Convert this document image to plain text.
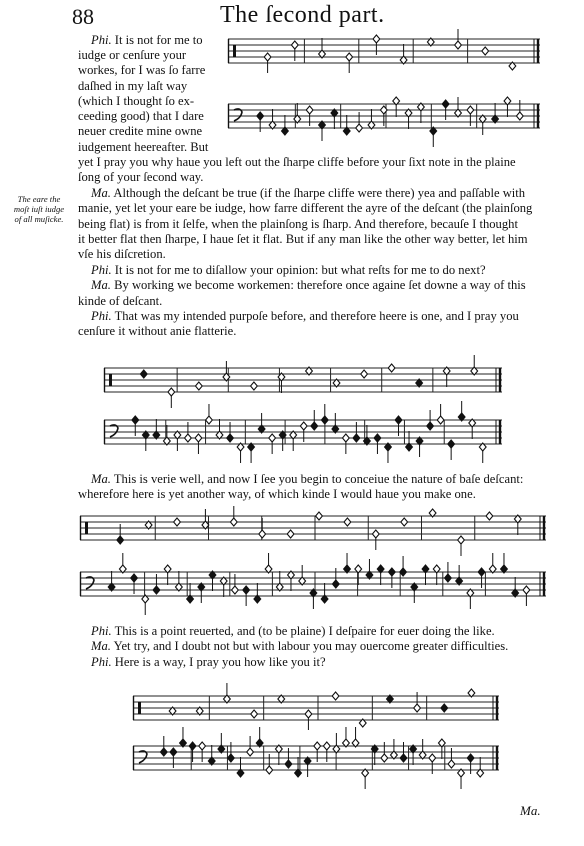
88	The ſecond part.
The eare the
moſt iuſt iudge
of all muſicke.
Phi. It is not for me to
iudge or cenſure your
workes, for I was ſo farre
daſhed in my laſt way
(which I thought ſo ex-
ceeding good) that I dare
neuer credite mine owne
iudgement heereafter. But
yet I pray you why haue you left out the ſharpe cliffe before your ſixt note in the plaine
ſong of your ſecond way.
Ma. Although the deſcant be true (if the ſharpe cliffe were there) yea and paſſable with
manie, yet let your eare be iudge, how farre different the ayre of the deſcant (the plainſong
being flat) is from it ſelfe, when the plainſong is ſharp. And therefore, becauſe I thought
it better flat then ſharpe, I haue ſet it flat. But if any man like the other way better, let him
vſe his diſcretion.
Phi. It is not for me to diſallow your opinion: but what reſts for me to do next?
Ma. By working we become workemen: therefore once againe ſet downe a way of this
kinde of deſcant.
Phi. That was my intended purpoſe before, and therefore heere is one, and I pray you
cenſure it without anie flatterie.
Ma. This is verie well, and now I ſee you begin to conceiue the nature of baſe deſcant:
wherefore here is yet another way, of which kinde I would haue you make one.
Phi. This is a point reuerted, and (to be plaine) I deſpaire for euer doing the like.
Ma. Yet try, and I doubt not but with labour you may ouercome greater difficulties.
Phi. Here is a way, I pray you how like you it?
Ma.
